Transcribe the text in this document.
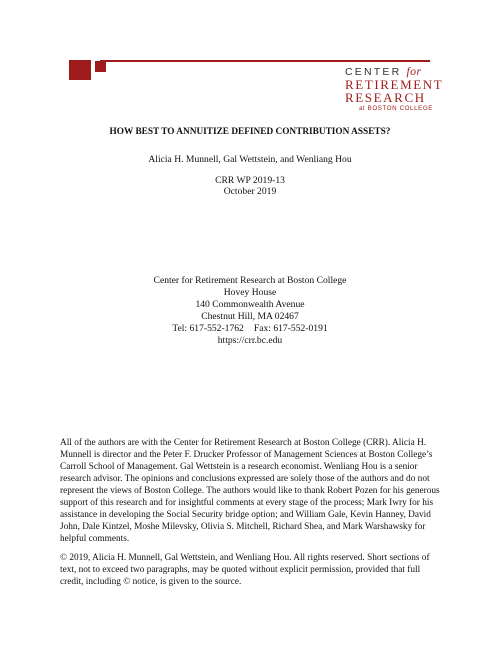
CENTER for
RETIREMENT
RESEARCH
at BOSTON COLLEGE
HOW BEST TO ANNUITIZE DEFINED CONTRIBUTION ASSETS?
Alicia H. Munnell, Gal Wettstein, and Wenliang Hou
CRR WP 2019-13
October 2019
Center for Retirement Research at Boston College
Hovey House
140 Commonwealth Avenue
Chestnut Hill, MA 02467
Tel: 617-552-1762 Fax: 617-552-0191
https://crr.bc.edu

All of the authors are with the Center for Retirement Research at Boston College (CRR). Alicia H. Munnell is director and the Peter F. Drucker Professor of Management Sciences at Boston College’s Carroll School of Management. Gal Wettstein is a research economist. Wenliang Hou is a senior research advisor. The opinions and conclusions expressed are solely those of the authors and do not represent the views of Boston College. The authors would like to thank Robert Pozen for his generous support of this research and for insightful comments at every stage of the process; Mark Iwry for his assistance in developing the Social Security bridge option; and William Gale, Kevin Hanney, David John, Dale Kintzel, Moshe Milevsky, Olivia S. Mitchell, Richard Shea, and Mark Warshawsky for helpful comments.

© 2019, Alicia H. Munnell, Gal Wettstein, and Wenliang Hou. All rights reserved. Short sections of text, not to exceed two paragraphs, may be quoted without explicit permission, provided that full credit, including © notice, is given to the source.
